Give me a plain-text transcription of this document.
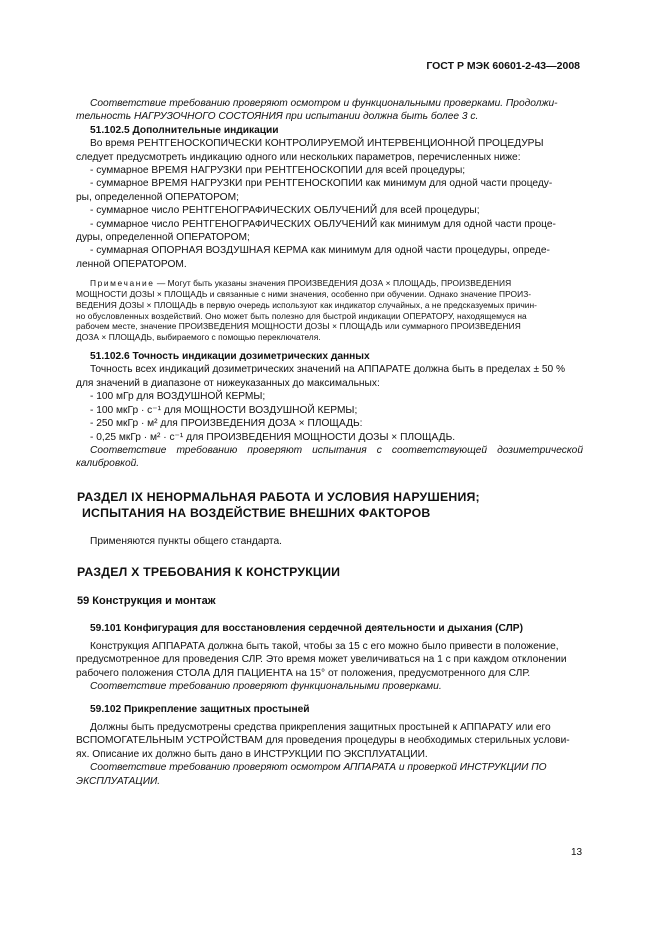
ГОСТ Р МЭК 60601-2-43—2008

Соответствие требованию проверяют осмотром и функциональными проверками. Продолжи-

тельность НАГРУЗОЧНОГО СОСТОЯНИЯ при испытании должна быть более 3 с.

51.102.5 Дополнительные индикации

Во время РЕНТГЕНОСКОПИЧЕСКИ КОНТРОЛИРУЕМОЙ ИНТЕРВЕНЦИОННОЙ ПРОЦЕДУРЫ

следует предусмотреть индикацию одного или нескольких параметров, перечисленных ниже:

- суммарное ВРЕМЯ НАГРУЗКИ при РЕНТГЕНОСКОПИИ для всей процедуры;

- суммарное ВРЕМЯ НАГРУЗКИ при РЕНТГЕНОСКОПИИ как минимум для одной части процеду-

ры, определенной ОПЕРАТОРОМ;

- суммарное число РЕНТГЕНОГРАФИЧЕСКИХ ОБЛУЧЕНИЙ для всей процедуры;

- суммарное число РЕНТГЕНОГРАФИЧЕСКИХ ОБЛУЧЕНИЙ как минимум для одной части проце-

дуры, определенной ОПЕРАТОРОМ;

- суммарная ОПОРНАЯ ВОЗДУШНАЯ КЕРМА как минимум для одной части процедуры, опреде-

ленной ОПЕРАТОРОМ.

Примечание — Могут быть указаны значения ПРОИЗВЕДЕНИЯ ДОЗА × ПЛОЩАДЬ, ПРОИЗВЕДЕНИЯ

МОЩНОСТИ ДОЗЫ × ПЛОЩАДЬ и связанные с ними значения, особенно при обучении. Однако значение ПРОИЗ-

ВЕДЕНИЯ ДОЗЫ × ПЛОЩАДЬ в первую очередь используют как индикатор случайных, а не предсказуемых причин-

но обусловленных воздействий. Оно может быть полезно для быстрой индикации ОПЕРАТОРУ, находящемуся на

рабочем месте, значение ПРОИЗВЕДЕНИЯ МОЩНОСТИ ДОЗЫ × ПЛОЩАДЬ или суммарного ПРОИЗВЕДЕНИЯ

ДОЗА × ПЛОЩАДЬ, выбираемого с помощью переключателя.

51.102.6 Точность индикации дозиметрических данных

Точность всех индикаций дозиметрических значений на АППАРАТЕ должна быть в пределах ± 50 %

для значений в диапазоне от нижеуказанных до максимальных:

- 100 мГр для ВОЗДУШНОЙ КЕРМЫ;

- 100 мкГр · с⁻¹ для МОЩНОСТИ ВОЗДУШНОЙ КЕРМЫ;

- 250 мкГр · м² для ПРОИЗВЕДЕНИЯ ДОЗА × ПЛОЩАДЬ:

- 0,25 мкГр · м² · с⁻¹ для ПРОИЗВЕДЕНИЯ МОЩНОСТИ ДОЗЫ × ПЛОЩАДЬ.

Соответствие требованию проверяют испытания с соответствующей дозиметрической калибровкой.

РАЗДЕЛ IX НЕНОРМАЛЬНАЯ РАБОТА И УСЛОВИЯ НАРУШЕНИЯ;

ИСПЫТАНИЯ НА ВОЗДЕЙСТВИЕ ВНЕШНИХ ФАКТОРОВ

Применяются пункты общего стандарта.

РАЗДЕЛ X ТРЕБОВАНИЯ К КОНСТРУКЦИИ

59 Конструкция и монтаж

59.101 Конфигурация для восстановления сердечной деятельности и дыхания (СЛР)

Конструкция АППАРАТА должна быть такой, чтобы за 15 с его можно было привести в положение,

предусмотренное для проведения СЛР. Это время может увеличиваться на 1 с при каждом отклонении

рабочего положения СТОЛА ДЛЯ ПАЦИЕНТА на 15° от положения, предусмотренного для СЛР.

Соответствие требованию проверяют функциональными проверками.

59.102 Прикрепление защитных простыней

Должны быть предусмотрены средства прикрепления защитных простыней к АППАРАТУ или его

ВСПОМОГАТЕЛЬНЫМ УСТРОЙСТВАМ для проведения процедуры в необходимых стерильных услови-

ях. Описание их должно быть дано в ИНСТРУКЦИИ ПО ЭКСПЛУАТАЦИИ.

Соответствие требованию проверяют осмотром АППАРАТА и проверкой ИНСТРУКЦИИ ПО

ЭКСПЛУАТАЦИИ.

13
